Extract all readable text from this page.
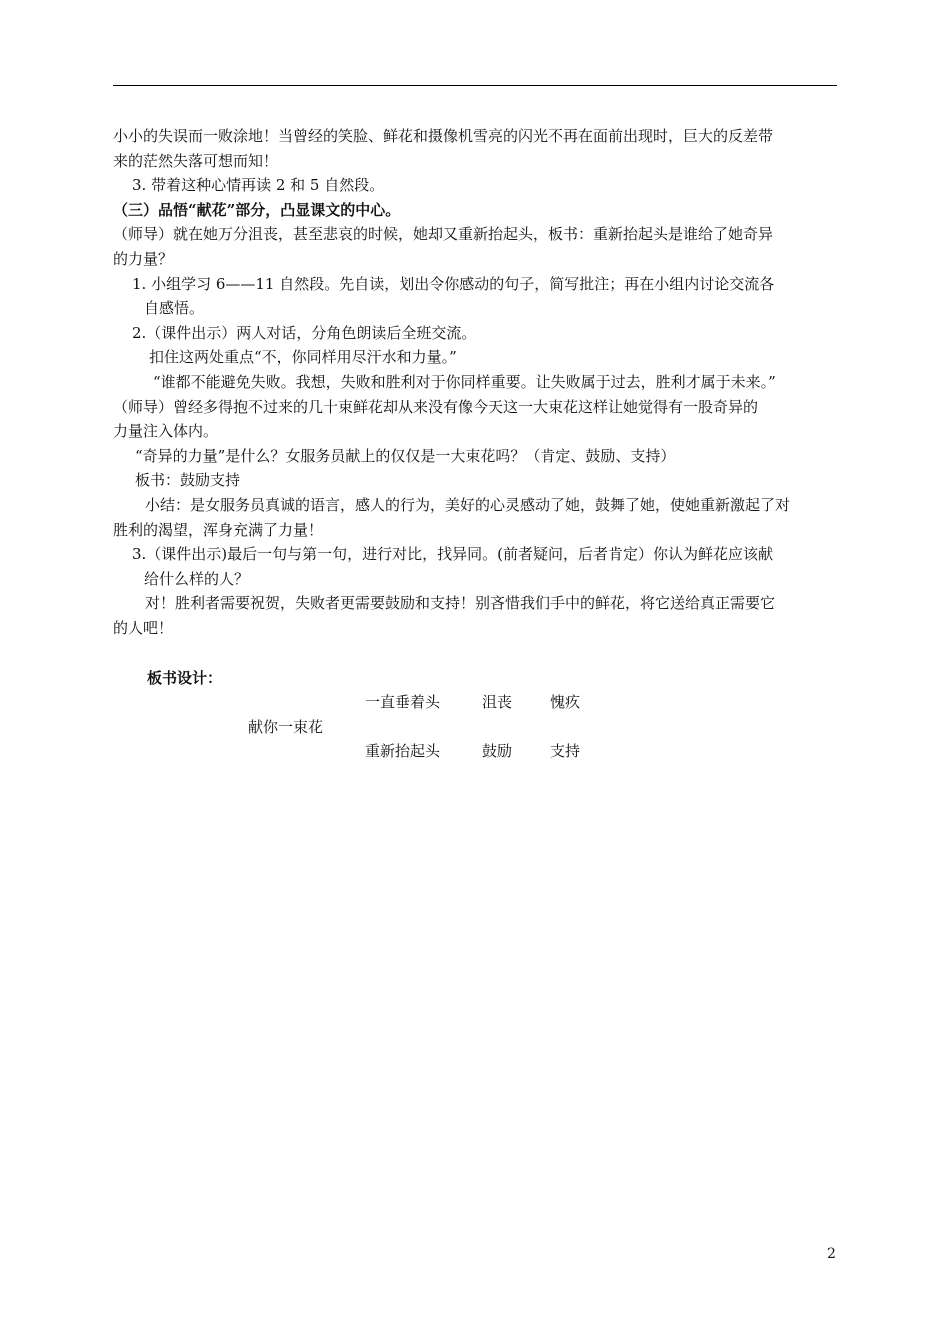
小小的失误而一败涂地！当曾经的笑脸、鲜花和摄像机雪亮的闪光不再在面前出现时，巨大的反差带

来的茫然失落可想而知！

3. 带着这种心情再读 2 和 5 自然段。

（三）品悟“献花”部分，凸显课文的中心。

（师导）就在她万分沮丧，甚至悲哀的时候，她却又重新抬起头，板书：重新抬起头是谁给了她奇异

的力量？

1. 小组学习 6——11 自然段。先自读，划出令你感动的句子，简写批注；再在小组内讨论交流各

自感悟。

2.（课件出示）两人对话，分角色朗读后全班交流。

扣住这两处重点“不，你同样用尽汗水和力量。”

“谁都不能避免失败。我想，失败和胜利对于你同样重要。让失败属于过去，胜利才属于未来。”

（师导）曾经多得抱不过来的几十束鲜花却从来没有像今天这一大束花这样让她觉得有一股奇异的

力量注入体内。

“奇异的力量”是什么？女服务员献上的仅仅是一大束花吗？（肯定、鼓励、支持）

板书：鼓励支持

小结：是女服务员真诚的语言，感人的行为，美好的心灵感动了她，鼓舞了她，使她重新激起了对

胜利的渴望，浑身充满了力量！

3.（课件出示)最后一句与第一句，进行对比，找异同。(前者疑问，后者肯定）你认为鲜花应该献

给什么样的人？

对！胜利者需要祝贺，失败者更需要鼓励和支持！别吝惜我们手中的鲜花，将它送给真正需要它

的人吧！

板书设计：
一直垂着头	沮丧	愧疚
献你一束花
重新抬起头	鼓励	支持
2
